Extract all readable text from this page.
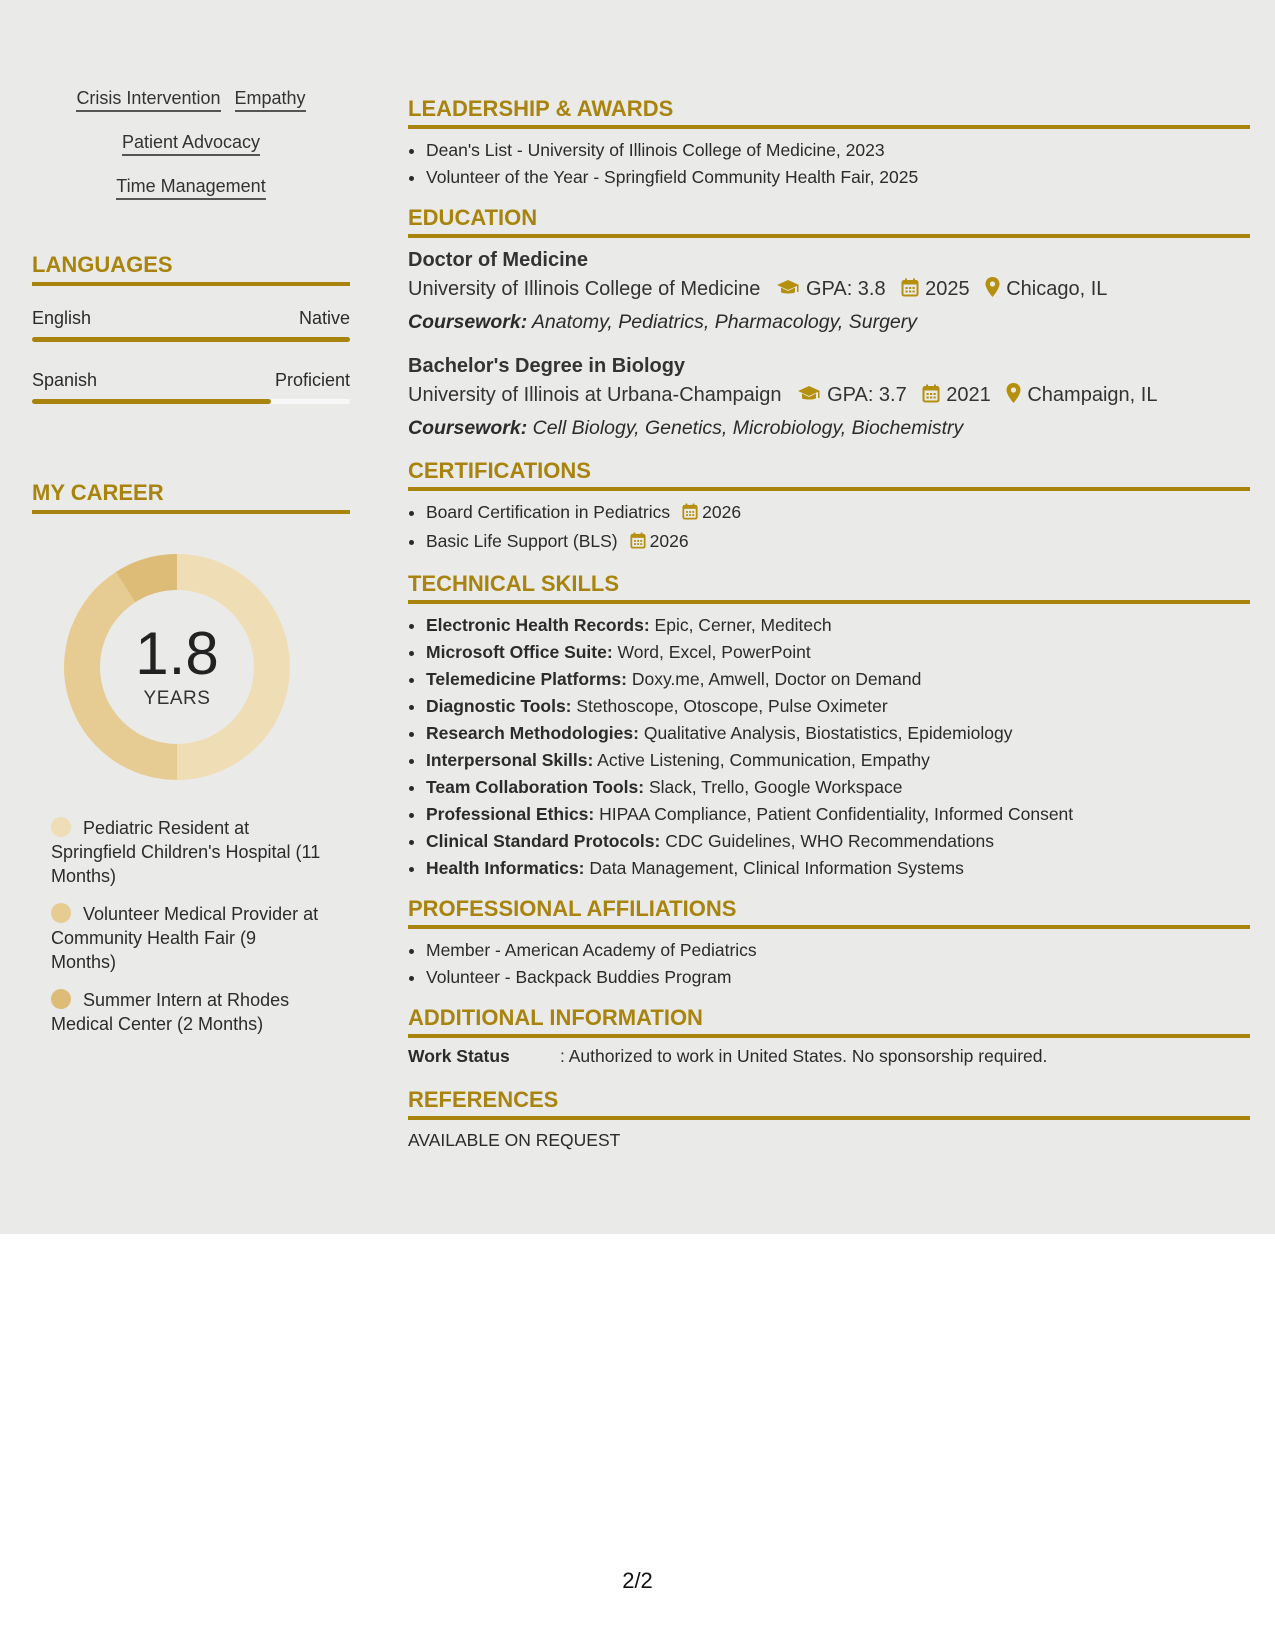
Crisis Intervention Empathy
Patient Advocacy
Time Management
LANGUAGES
English	Native
Spanish	Proficient
MY CAREER
1.8
YEARS
Pediatric Resident at Springfield Children's Hospital (11 Months)
Volunteer Medical Provider at Community Health Fair (9 Months)
Summer Intern at Rhodes Medical Center (2 Months)
LEADERSHIP & AWARDS
• Dean's List - University of Illinois College of Medicine, 2023
• Volunteer of the Year - Springfield Community Health Fair, 2025
EDUCATION
Doctor of Medicine
University of Illinois College of Medicine GPA: 3.8 2025 Chicago, IL
Coursework: Anatomy, Pediatrics, Pharmacology, Surgery
Bachelor's Degree in Biology
University of Illinois at Urbana-Champaign GPA: 3.7 2021 Champaign, IL
Coursework: Cell Biology, Genetics, Microbiology, Biochemistry
CERTIFICATIONS
• Board Certification in Pediatrics 2026
• Basic Life Support (BLS) 2026
TECHNICAL SKILLS
• Electronic Health Records: Epic, Cerner, Meditech
• Microsoft Office Suite: Word, Excel, PowerPoint
• Telemedicine Platforms: Doxy.me, Amwell, Doctor on Demand
• Diagnostic Tools: Stethoscope, Otoscope, Pulse Oximeter
• Research Methodologies: Qualitative Analysis, Biostatistics, Epidemiology
• Interpersonal Skills: Active Listening, Communication, Empathy
• Team Collaboration Tools: Slack, Trello, Google Workspace
• Professional Ethics: HIPAA Compliance, Patient Confidentiality, Informed Consent
• Clinical Standard Protocols: CDC Guidelines, WHO Recommendations
• Health Informatics: Data Management, Clinical Information Systems
PROFESSIONAL AFFILIATIONS
• Member - American Academy of Pediatrics
• Volunteer - Backpack Buddies Program
ADDITIONAL INFORMATION
Work Status	: Authorized to work in United States. No sponsorship required.
REFERENCES
AVAILABLE ON REQUEST
2/2
